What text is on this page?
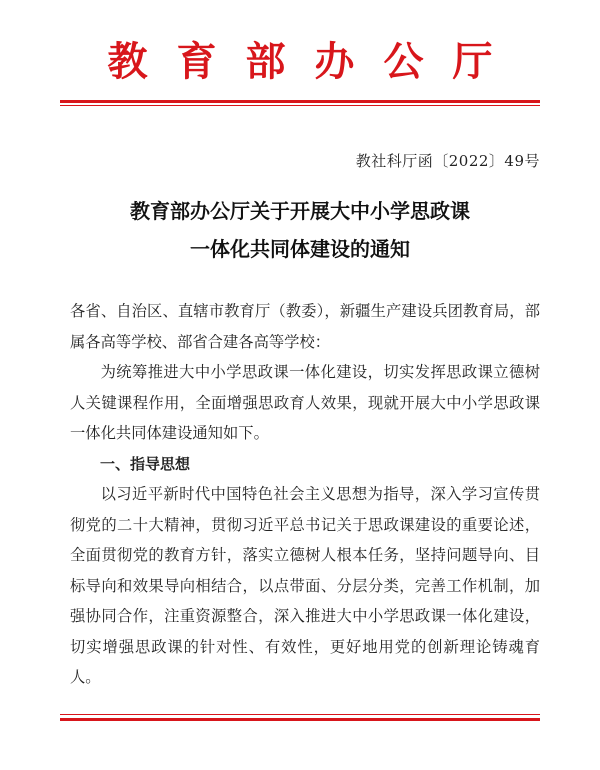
教育部办公厅
教社科厅函〔2022〕49号
教育部办公厅关于开展大中小学思政课
一体化共同体建设的通知

各省、自治区、直辖市教育厅（教委），新疆生产建设兵团教育局，部属各高等学校、部省合建各高等学校：

为统筹推进大中小学思政课一体化建设，切实发挥思政课立德树人关键课程作用，全面增强思政育人效果，现就开展大中小学思政课一体化共同体建设通知如下。

一、指导思想

以习近平新时代中国特色社会主义思想为指导，深入学习宣传贯彻党的二十大精神，贯彻习近平总书记关于思政课建设的重要论述，全面贯彻党的教育方针，落实立德树人根本任务，坚持问题导向、目标导向和效果导向相结合，以点带面、分层分类，完善工作机制，加强协同合作，注重资源整合，深入推进大中小学思政课一体化建设，切实增强思政课的针对性、有效性，更好地用党的创新理论铸魂育人。
